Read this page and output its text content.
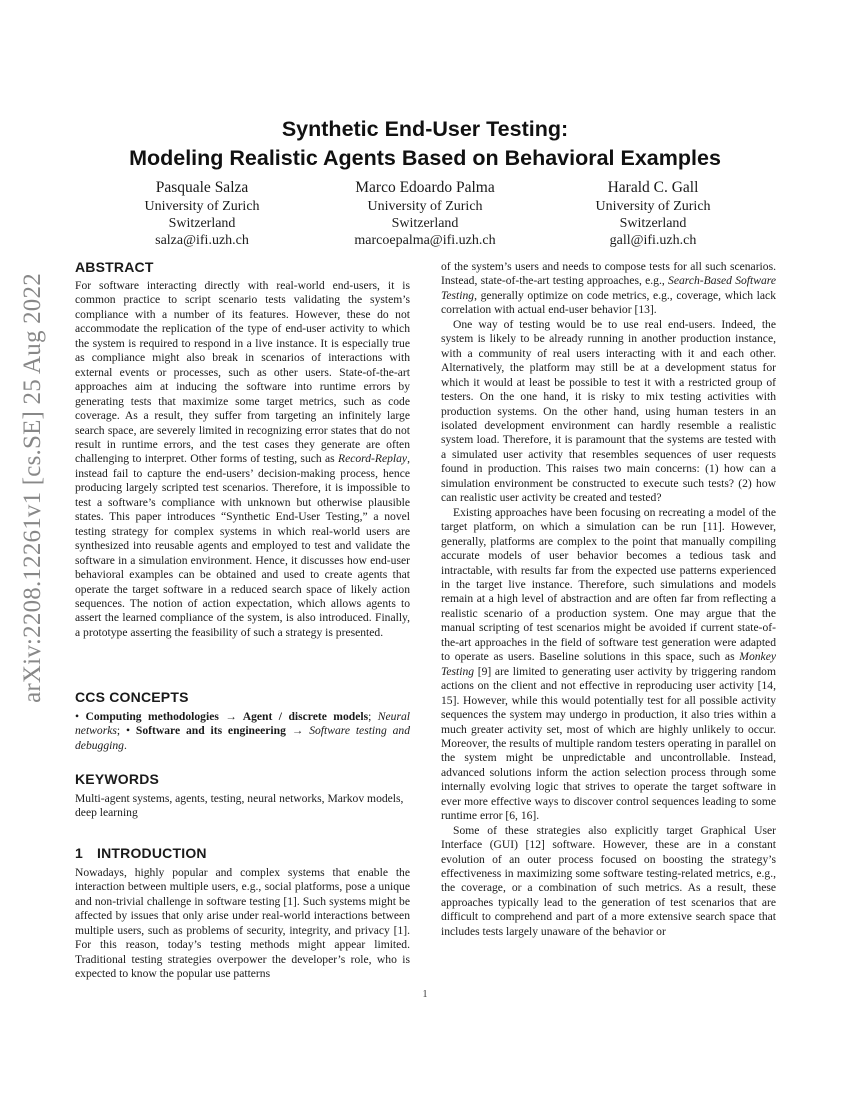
arXiv:2208.12261v1 [cs.SE] 25 Aug 2022
Synthetic End-User Testing:
Modeling Realistic Agents Based on Behavioral Examples
Pasquale Salza
University of Zurich
Switzerland
salza@ifi.uzh.ch
Marco Edoardo Palma
University of Zurich
Switzerland
marcoepalma@ifi.uzh.ch
Harald C. Gall
University of Zurich
Switzerland
gall@ifi.uzh.ch
ABSTRACT

For software interacting directly with real-world end-users, it is common practice to script scenario tests validating the system’s compliance with a number of its features. However, these do not accommodate the replication of the type of end-user activity to which the system is required to respond in a live instance. It is especially true as compliance might also break in scenarios of interactions with external events or processes, such as other users. State-of-the-art approaches aim at inducing the software into runtime errors by generating tests that maximize some target metrics, such as code coverage. As a result, they suffer from targeting an infinitely large search space, are severely limited in recognizing error states that do not result in runtime errors, and the test cases they generate are often challenging to interpret. Other forms of testing, such as Record-Replay, instead fail to capture the end-users’ decision-making process, hence producing largely scripted test scenarios. Therefore, it is impossible to test a software’s compliance with unknown but otherwise plausible states. This paper introduces “Synthetic End-User Testing,” a novel testing strategy for complex systems in which real-world users are synthesized into reusable agents and employed to test and validate the software in a simulation environment. Hence, it discusses how end-user behavioral examples can be obtained and used to create agents that operate the target software in a reduced search space of likely action sequences. The notion of action expectation, which allows agents to assert the learned compliance of the system, is also introduced. Finally, a prototype asserting the feasibility of such a strategy is presented.

CCS CONCEPTS

• Computing methodologies → Agent / discrete models; Neural networks; • Software and its engineering → Software testing and debugging.

KEYWORDS

Multi-agent systems, agents, testing, neural networks, Markov models, deep learning

1 INTRODUCTION

Nowadays, highly popular and complex systems that enable the interaction between multiple users, e.g., social platforms, pose a unique and non-trivial challenge in software testing [1]. Such systems might be affected by issues that only arise under real-world interactions between multiple users, such as problems of security, integrity, and privacy [1]. For this reason, today’s testing methods might appear limited. Traditional testing strategies overpower the developer’s role, who is expected to know the popular use patterns

of the system’s users and needs to compose tests for all such scenarios. Instead, state-of-the-art testing approaches, e.g., Search-Based Software Testing, generally optimize on code metrics, e.g., coverage, which lack correlation with actual end-user behavior [13].

One way of testing would be to use real end-users. Indeed, the system is likely to be already running in another production instance, with a community of real users interacting with it and each other. Alternatively, the platform may still be at a development status for which it would at least be possible to test it with a restricted group of testers. On the one hand, it is risky to mix testing activities with production systems. On the other hand, using human testers in an isolated development environment can hardly resemble a realistic system load. Therefore, it is paramount that the systems are tested with a simulated user activity that resembles sequences of user requests found in production. This raises two main concerns: (1) how can a simulation environment be constructed to execute such tests? (2) how can realistic user activity be created and tested?

Existing approaches have been focusing on recreating a model of the target platform, on which a simulation can be run [11]. However, generally, platforms are complex to the point that manually compiling accurate models of user behavior becomes a tedious task and intractable, with results far from the expected use patterns experienced in the target live instance. Therefore, such simulations and models remain at a high level of abstraction and are often far from reflecting a realistic scenario of a production system. One may argue that the manual scripting of test scenarios might be avoided if current state-of-the-art approaches in the field of software test generation were adapted to operate as users. Baseline solutions in this space, such as Monkey Testing [9] are limited to generating user activity by triggering random actions on the client and not effective in reproducing user activity [14, 15]. However, while this would potentially test for all possible activity sequences the system may undergo in production, it also tries within a much greater activity set, most of which are highly unlikely to occur. Moreover, the results of multiple random testers operating in parallel on the system might be unpredictable and uncontrollable. Instead, advanced solutions inform the action selection process through some internally evolving logic that strives to operate the target software in ever more effective ways to discover control sequences leading to some runtime error [6, 16].

Some of these strategies also explicitly target Graphical User Interface (GUI) [12] software. However, these are in a constant evolution of an outer process focused on boosting the strategy’s effectiveness in maximizing some software testing-related metrics, e.g., the coverage, or a combination of such metrics. As a result, these approaches typically lead to the generation of test scenarios that are difficult to comprehend and part of a more extensive search space that includes tests largely unaware of the behavior or

1
